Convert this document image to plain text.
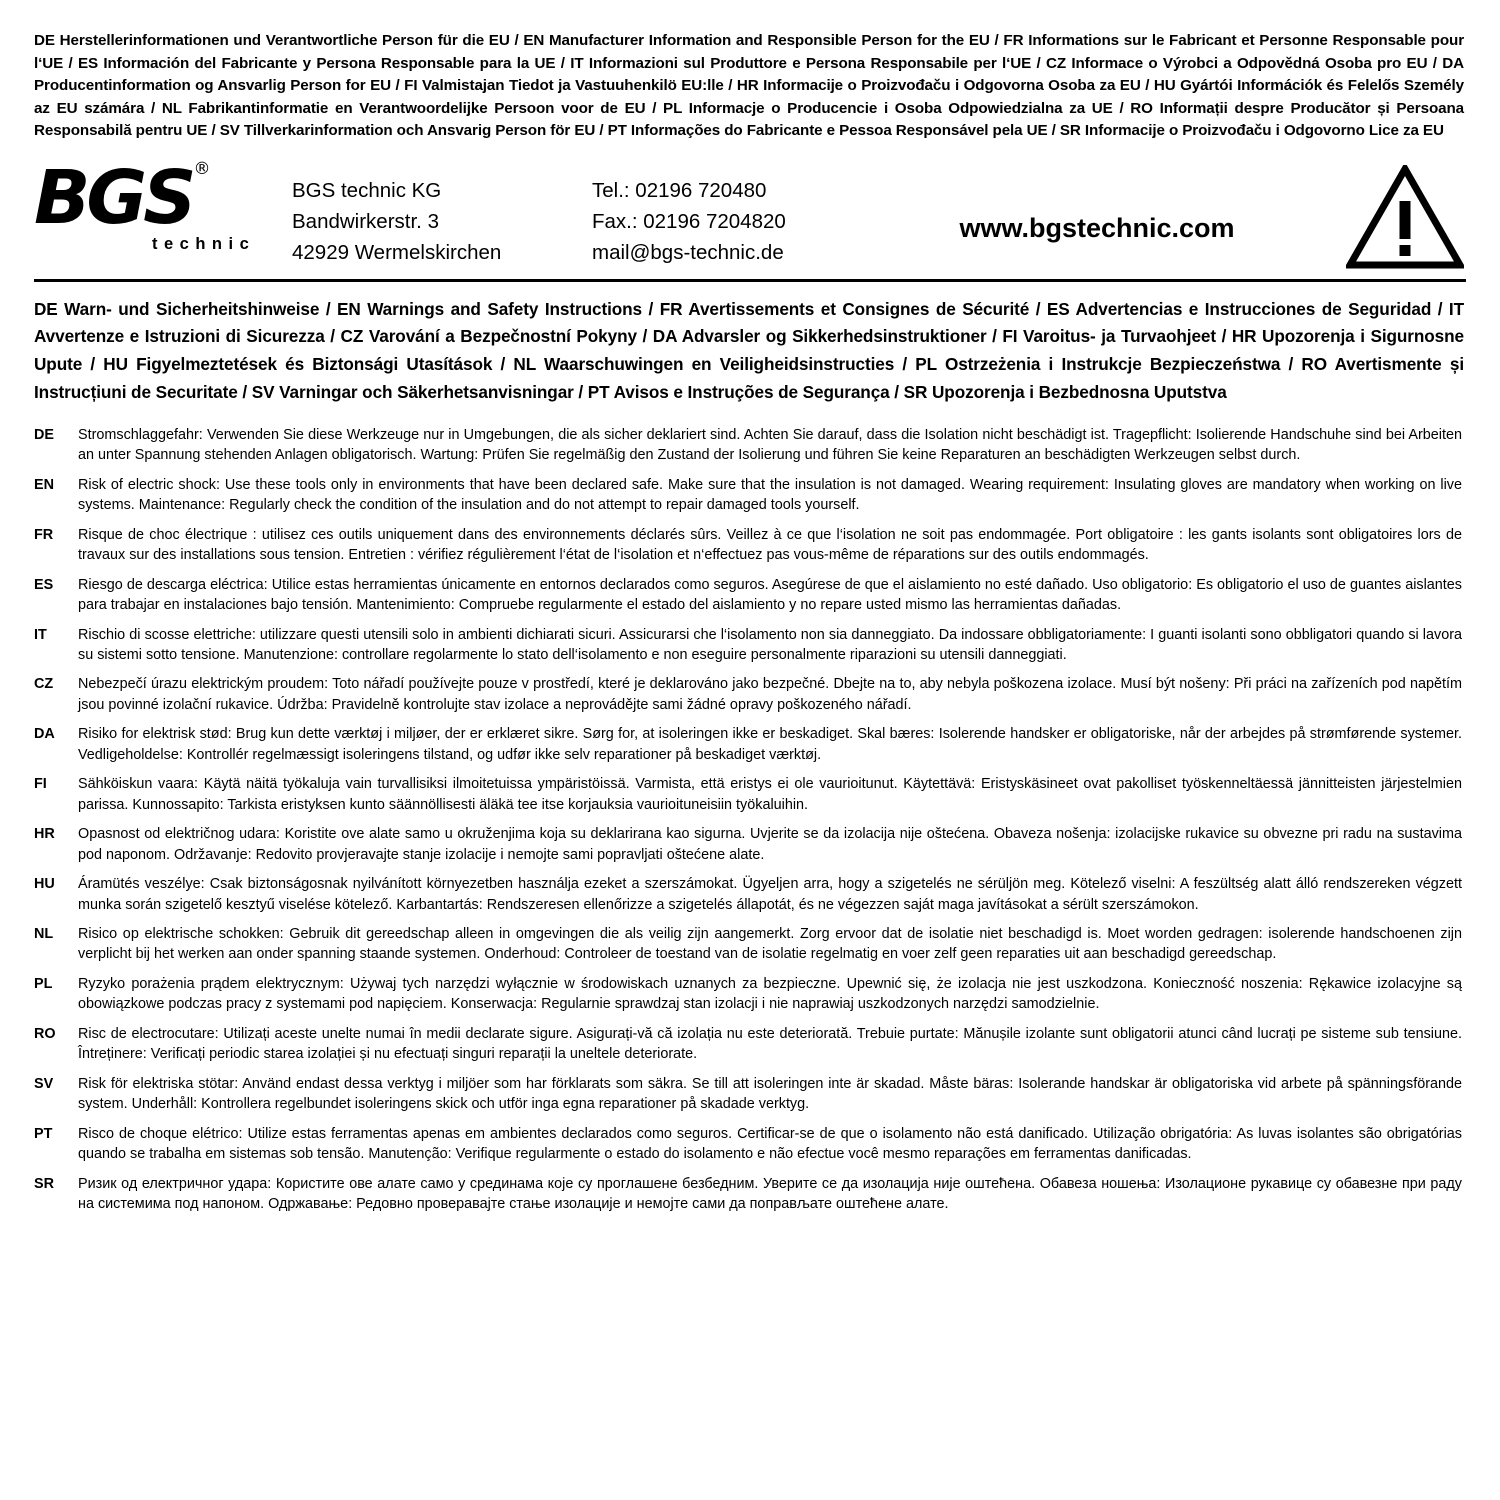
DE Herstellerinformationen und Verantwortliche Person für die EU / EN Manufacturer Information and Responsible Person for the EU / FR Informations sur le Fabricant et Personne Responsable pour l‘UE / ES Información del Fabricante y Persona Responsable para la UE / IT Informazioni sul Produttore e Persona Responsabile per l‘UE / CZ Informace o Výrobci a Odpovědná Osoba pro EU / DA Producentinformation og Ansvarlig Person for EU / FI Valmistajan Tiedot ja Vastuuhenkilö EU:lle / HR Informacije o Proizvođaču i Odgovorna Osoba za EU / HU Gyártói Információk és Felelős Személy az EU számára / NL Fabrikantinformatie en Verantwoordelijke Persoon voor de EU / PL Informacje o Producencie i Osoba Odpowiedzialna za UE / RO Informații despre Producător și Persoana Responsabilă pentru UE / SV Tillverkarinformation och Ansvarig Person för EU / PT Informações do Fabricante e Pessoa Responsável pela UE / SR Informacije o Proizvođaču i Odgovorno Lice za EU
BGS ®
technic
BGS technic KG
Bandwirkerstr. 3
42929 Wermelskirchen
Tel.: 02196 720480
Fax.: 02196 7204820
mail@bgs-technic.de
www.bgstechnic.com
DE Warn- und Sicherheitshinweise / EN Warnings and Safety Instructions / FR Avertissements et Consignes de Sécurité / ES Advertencias e Instrucciones de Seguridad / IT Avvertenze e Istruzioni di Sicurezza / CZ Varování a Bezpečnostní Pokyny / DA Advarsler og Sikkerhedsinstruktioner / FI Varoitus- ja Turvaohjeet / HR Upozorenja i Sigurnosne Upute / HU Figyelmeztetések és Biztonsági Utasítások / NL Waarschuwingen en Veiligheidsinstructies / PL Ostrzeżenia i Instrukcje Bezpieczeństwa / RO Avertismente și Instrucțiuni de Securitate / SV Varningar och Säkerhetsanvisningar / PT Avisos e Instruções de Segurança / SR Upozorenja i Bezbednosna Uputstva
DE	Stromschlaggefahr: Verwenden Sie diese Werkzeuge nur in Umgebungen, die als sicher deklariert sind. Achten Sie darauf, dass die Isolation nicht beschädigt ist. Tragepflicht: Isolierende Handschuhe sind bei Arbeiten an unter Spannung stehenden Anlagen obligatorisch. Wartung: Prüfen Sie regelmäßig den Zustand der Isolierung und führen Sie keine Reparaturen an beschädigten Werkzeugen selbst durch.
EN	Risk of electric shock: Use these tools only in environments that have been declared safe. Make sure that the insulation is not damaged. Wearing requirement: Insulating gloves are mandatory when working on live systems. Maintenance: Regularly check the condition of the insulation and do not attempt to repair damaged tools yourself.
FR	Risque de choc électrique : utilisez ces outils uniquement dans des environnements déclarés sûrs. Veillez à ce que l‘isolation ne soit pas endommagée. Port obligatoire : les gants isolants sont obligatoires lors de travaux sur des installations sous tension. Entretien : vérifiez régulièrement l‘état de l‘isolation et n‘effectuez pas vous-même de réparations sur des outils endommagés.
ES	Riesgo de descarga eléctrica: Utilice estas herramientas únicamente en entornos declarados como seguros. Asegúrese de que el aislamiento no esté dañado. Uso obligatorio: Es obligatorio el uso de guantes aislantes para trabajar en instalaciones bajo tensión. Mantenimiento: Compruebe regularmente el estado del aislamiento y no repare usted mismo las herramientas dañadas.
IT	Rischio di scosse elettriche: utilizzare questi utensili solo in ambienti dichiarati sicuri. Assicurarsi che l‘isolamento non sia danneggiato. Da indossare obbligatoriamente: I guanti isolanti sono obbligatori quando si lavora su sistemi sotto tensione. Manutenzione: controllare regolarmente lo stato dell‘isolamento e non eseguire personalmente riparazioni su utensili danneggiati.
CZ	Nebezpečí úrazu elektrickým proudem: Toto nářadí používejte pouze v prostředí, které je deklarováno jako bezpečné. Dbejte na to, aby nebyla poškozena izolace. Musí být nošeny: Při práci na zařízeních pod napětím jsou povinné izolační rukavice. Údržba: Pravidelně kontrolujte stav izolace a neprovádějte sami žádné opravy poškozeného nářadí.
DA	Risiko for elektrisk stød: Brug kun dette værktøj i miljøer, der er erklæret sikre. Sørg for, at isoleringen ikke er beskadiget. Skal bæres: Isolerende handsker er obligatoriske, når der arbejdes på strømførende systemer. Vedligeholdelse: Kontrollér regelmæssigt isoleringens tilstand, og udfør ikke selv reparationer på beskadiget værktøj.
FI	Sähköiskun vaara: Käytä näitä työkaluja vain turvallisiksi ilmoitetuissa ympäristöissä. Varmista, että eristys ei ole vaurioitunut. Käytettävä: Eristyskäsineet ovat pakolliset työskenneltäessä jännitteisten järjestelmien parissa. Kunnossapito: Tarkista eristyksen kunto säännöllisesti äläkä tee itse korjauksia vaurioituneisiin työkaluihin.
HR	Opasnost od električnog udara: Koristite ove alate samo u okruženjima koja su deklarirana kao sigurna. Uvjerite se da izolacija nije oštećena. Obaveza nošenja: izolacijske rukavice su obvezne pri radu na sustavima pod naponom. Održavanje: Redovito provjeravajte stanje izolacije i nemojte sami popravljati oštećene alate.
HU	Áramütés veszélye: Csak biztonságosnak nyilvánított környezetben használja ezeket a szerszámokat. Ügyeljen arra, hogy a szigetelés ne sérüljön meg. Kötelező viselni: A feszültség alatt álló rendszereken végzett munka során szigetelő kesztyű viselése kötelező. Karbantartás: Rendszeresen ellenőrizze a szigetelés állapotát, és ne végezzen saját maga javításokat a sérült szerszámokon.
NL	Risico op elektrische schokken: Gebruik dit gereedschap alleen in omgevingen die als veilig zijn aangemerkt. Zorg ervoor dat de isolatie niet beschadigd is. Moet worden gedragen: isolerende handschoenen zijn verplicht bij het werken aan onder spanning staande systemen. Onderhoud: Controleer de toestand van de isolatie regelmatig en voer zelf geen reparaties uit aan beschadigd gereedschap.
PL	Ryzyko porażenia prądem elektrycznym: Używaj tych narzędzi wyłącznie w środowiskach uznanych za bezpieczne. Upewnić się, że izolacja nie jest uszkodzona. Konieczność noszenia: Rękawice izolacyjne są obowiązkowe podczas pracy z systemami pod napięciem. Konserwacja: Regularnie sprawdzaj stan izolacji i nie naprawiaj uszkodzonych narzędzi samodzielnie.
RO	Risc de electrocutare: Utilizați aceste unelte numai în medii declarate sigure. Asigurați-vă că izolația nu este deteriorată. Trebuie purtate: Mănușile izolante sunt obligatorii atunci când lucrați pe sisteme sub tensiune. Întreținere: Verificați periodic starea izolației și nu efectuați singuri reparații la uneltele deteriorate.
SV	Risk för elektriska stötar: Använd endast dessa verktyg i miljöer som har förklarats som säkra. Se till att isoleringen inte är skadad. Måste bäras: Isolerande handskar är obligatoriska vid arbete på spänningsförande system. Underhåll: Kontrollera regelbundet isoleringens skick och utför inga egna reparationer på skadade verktyg.
PT	Risco de choque elétrico: Utilize estas ferramentas apenas em ambientes declarados como seguros. Certificar-se de que o isolamento não está danificado. Utilização obrigatória: As luvas isolantes são obrigatórias quando se trabalha em sistemas sob tensão. Manutenção: Verifique regularmente o estado do isolamento e não efectue você mesmo reparações em ferramentas danificadas.
SR	Ризик од електричног удара: Користите ове алате само у срединама које су проглашене безбедним. Уверите се да изолација није оштећена. Обавеза ношења: Изолационе рукавице су обавезне при раду на системима под напоном. Одржавање: Редовно проверавајте стање изолације и немојте сами да поправљате оштећене алате.
